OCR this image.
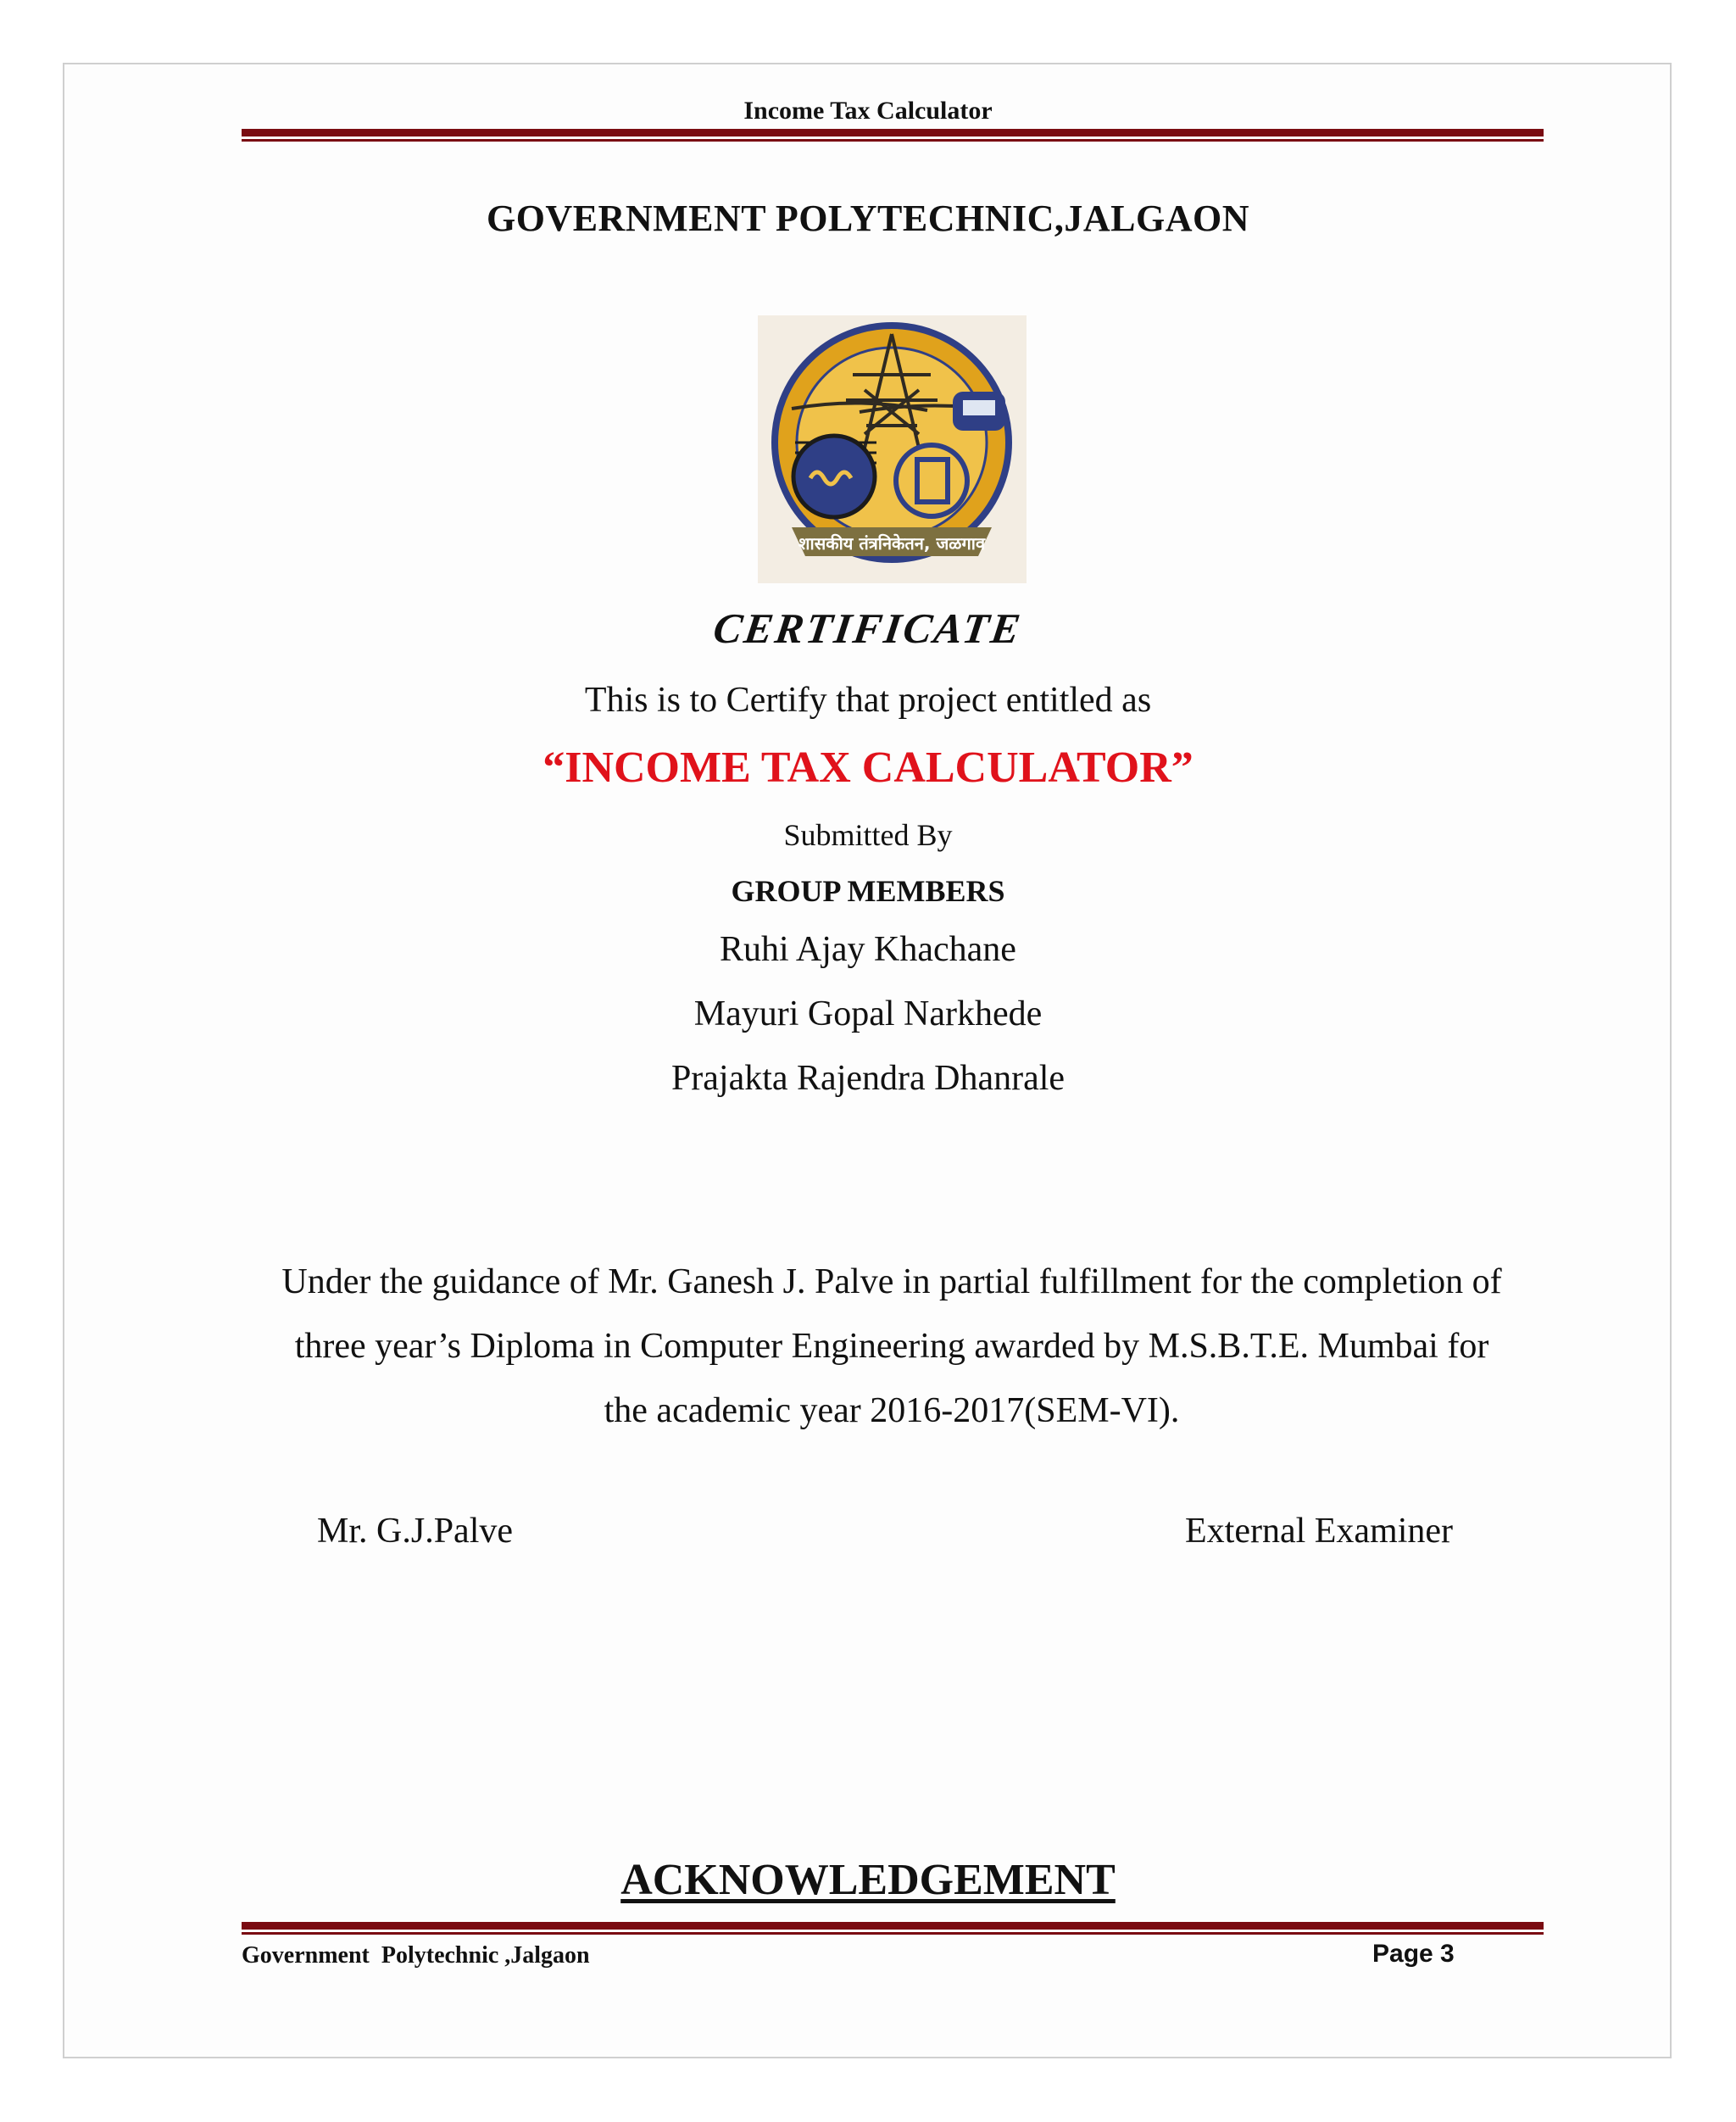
Income Tax Calculator
GOVERNMENT POLYTECHNIC,JALGAON
शासकीय तंत्रनिकेतन, जळगाव
CERTIFICATE
This is to Certify that project entitled as
“INCOME TAX CALCULATOR”
Submitted By
GROUP MEMBERS
Ruhi Ajay Khachane
Mayuri Gopal Narkhede
Prajakta Rajendra Dhanrale
Under the guidance of Mr. Ganesh J. Palve in partial fulfillment for the completion of
three year’s Diploma in Computer Engineering awarded by M.S.B.T.E. Mumbai for
the academic year 2016-2017(SEM-VI).
Mr. G.J.Palve	External Examiner
ACKNOWLEDGEMENT
Government  Polytechnic ,Jalgaon	Page 3
